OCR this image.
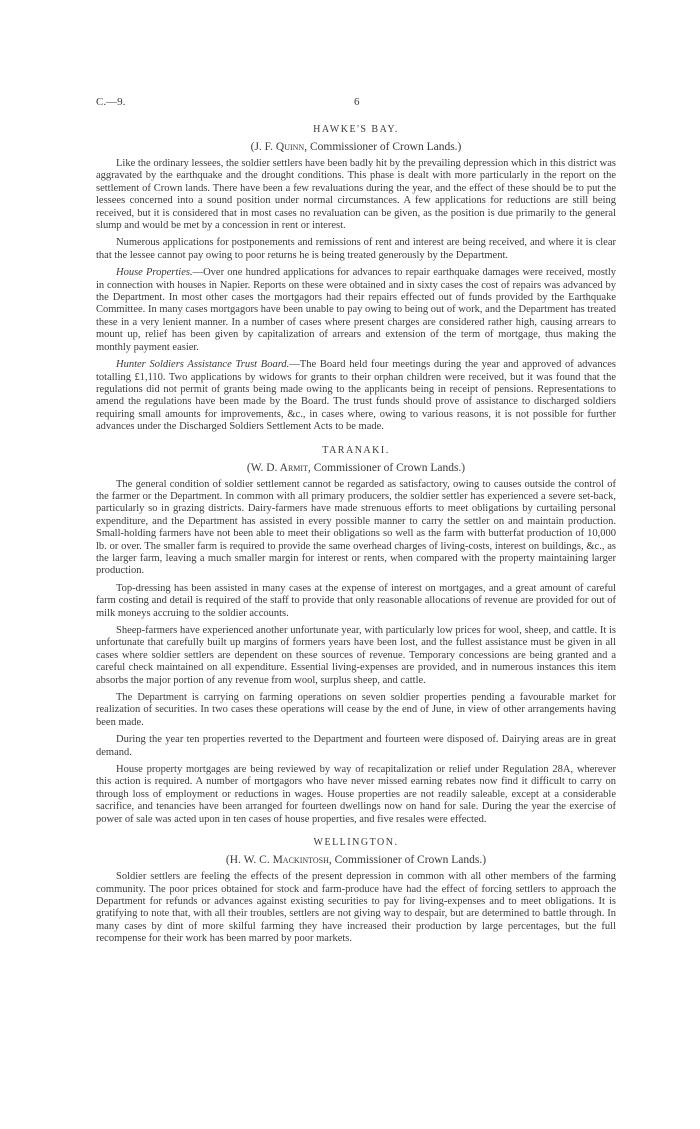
C.—9.	6
HAWKE'S BAY.
(J. F. Quinn, Commissioner of Crown Lands.)

Like the ordinary lessees, the soldier settlers have been badly hit by the prevailing depression which in this district was aggravated by the earthquake and the drought conditions. This phase is dealt with more particularly in the report on the settlement of Crown lands. There have been a few revaluations during the year, and the effect of these should be to put the lessees concerned into a sound position under normal circumstances. A few applications for reductions are still being received, but it is considered that in most cases no revaluation can be given, as the position is due primarily to the general slump and would be met by a concession in rent or interest.

Numerous applications for postponements and remissions of rent and interest are being received, and where it is clear that the lessee cannot pay owing to poor returns he is being treated generously by the Department.

House Properties.—Over one hundred applications for advances to repair earthquake damages were received, mostly in connection with houses in Napier. Reports on these were obtained and in sixty cases the cost of repairs was advanced by the Department. In most other cases the mortgagors had their repairs effected out of funds provided by the Earthquake Committee. In many cases mortgagors have been unable to pay owing to being out of work, and the Department has treated these in a very lenient manner. In a number of cases where present charges are considered rather high, causing arrears to mount up, relief has been given by capitalization of arrears and extension of the term of mortgage, thus making the monthly payment easier.

Hunter Soldiers Assistance Trust Board.—The Board held four meetings during the year and approved of advances totalling £1,110. Two applications by widows for grants to their orphan children were received, but it was found that the regulations did not permit of grants being made owing to the applicants being in receipt of pensions. Representations to amend the regulations have been made by the Board. The trust funds should prove of assistance to discharged soldiers requiring small amounts for improvements, &c., in cases where, owing to various reasons, it is not possible for further advances under the Discharged Soldiers Settlement Acts to be made.

TARANAKI.
(W. D. Armit, Commissioner of Crown Lands.)

The general condition of soldier settlement cannot be regarded as satisfactory, owing to causes outside the control of the farmer or the Department. In common with all primary producers, the soldier settler has experienced a severe set-back, particularly so in grazing districts. Dairy-farmers have made strenuous efforts to meet obligations by curtailing personal expenditure, and the Department has assisted in every possible manner to carry the settler on and maintain production. Small-holding farmers have not been able to meet their obligations so well as the farm with butterfat production of 10,000 lb. or over. The smaller farm is required to provide the same overhead charges of living-costs, interest on buildings, &c., as the larger farm, leaving a much smaller margin for interest or rents, when compared with the property maintaining larger production.

Top-dressing has been assisted in many cases at the expense of interest on mortgages, and a great amount of careful farm costing and detail is required of the staff to provide that only reasonable allocations of revenue are provided for out of milk moneys accruing to the soldier accounts.

Sheep-farmers have experienced another unfortunate year, with particularly low prices for wool, sheep, and cattle. It is unfortunate that carefully built up margins of formers years have been lost, and the fullest assistance must be given in all cases where soldier settlers are dependent on these sources of revenue. Temporary concessions are being granted and a careful check maintained on all expenditure. Essential living-expenses are provided, and in numerous instances this item absorbs the major portion of any revenue from wool, surplus sheep, and cattle.

The Department is carrying on farming operations on seven soldier properties pending a favourable market for realization of securities. In two cases these operations will cease by the end of June, in view of other arrangements having been made.

During the year ten properties reverted to the Department and fourteen were disposed of. Dairying areas are in great demand.

House property mortgages are being reviewed by way of recapitalization or relief under Regulation 28A, wherever this action is required. A number of mortgagors who have never missed earning rebates now find it difficult to carry on through loss of employment or reductions in wages. House properties are not readily saleable, except at a considerable sacrifice, and tenancies have been arranged for fourteen dwellings now on hand for sale. During the year the exercise of power of sale was acted upon in ten cases of house properties, and five resales were effected.

WELLINGTON.
(H. W. C. Mackintosh, Commissioner of Crown Lands.)

Soldier settlers are feeling the effects of the present depression in common with all other members of the farming community. The poor prices obtained for stock and farm-produce have had the effect of forcing settlers to approach the Department for refunds or advances against existing securities to pay for living-expenses and to meet obligations. It is gratifying to note that, with all their troubles, settlers are not giving way to despair, but are determined to battle through. In many cases by dint of more skilful farming they have increased their production by large percentages, but the full recompense for their work has been marred by poor markets.
